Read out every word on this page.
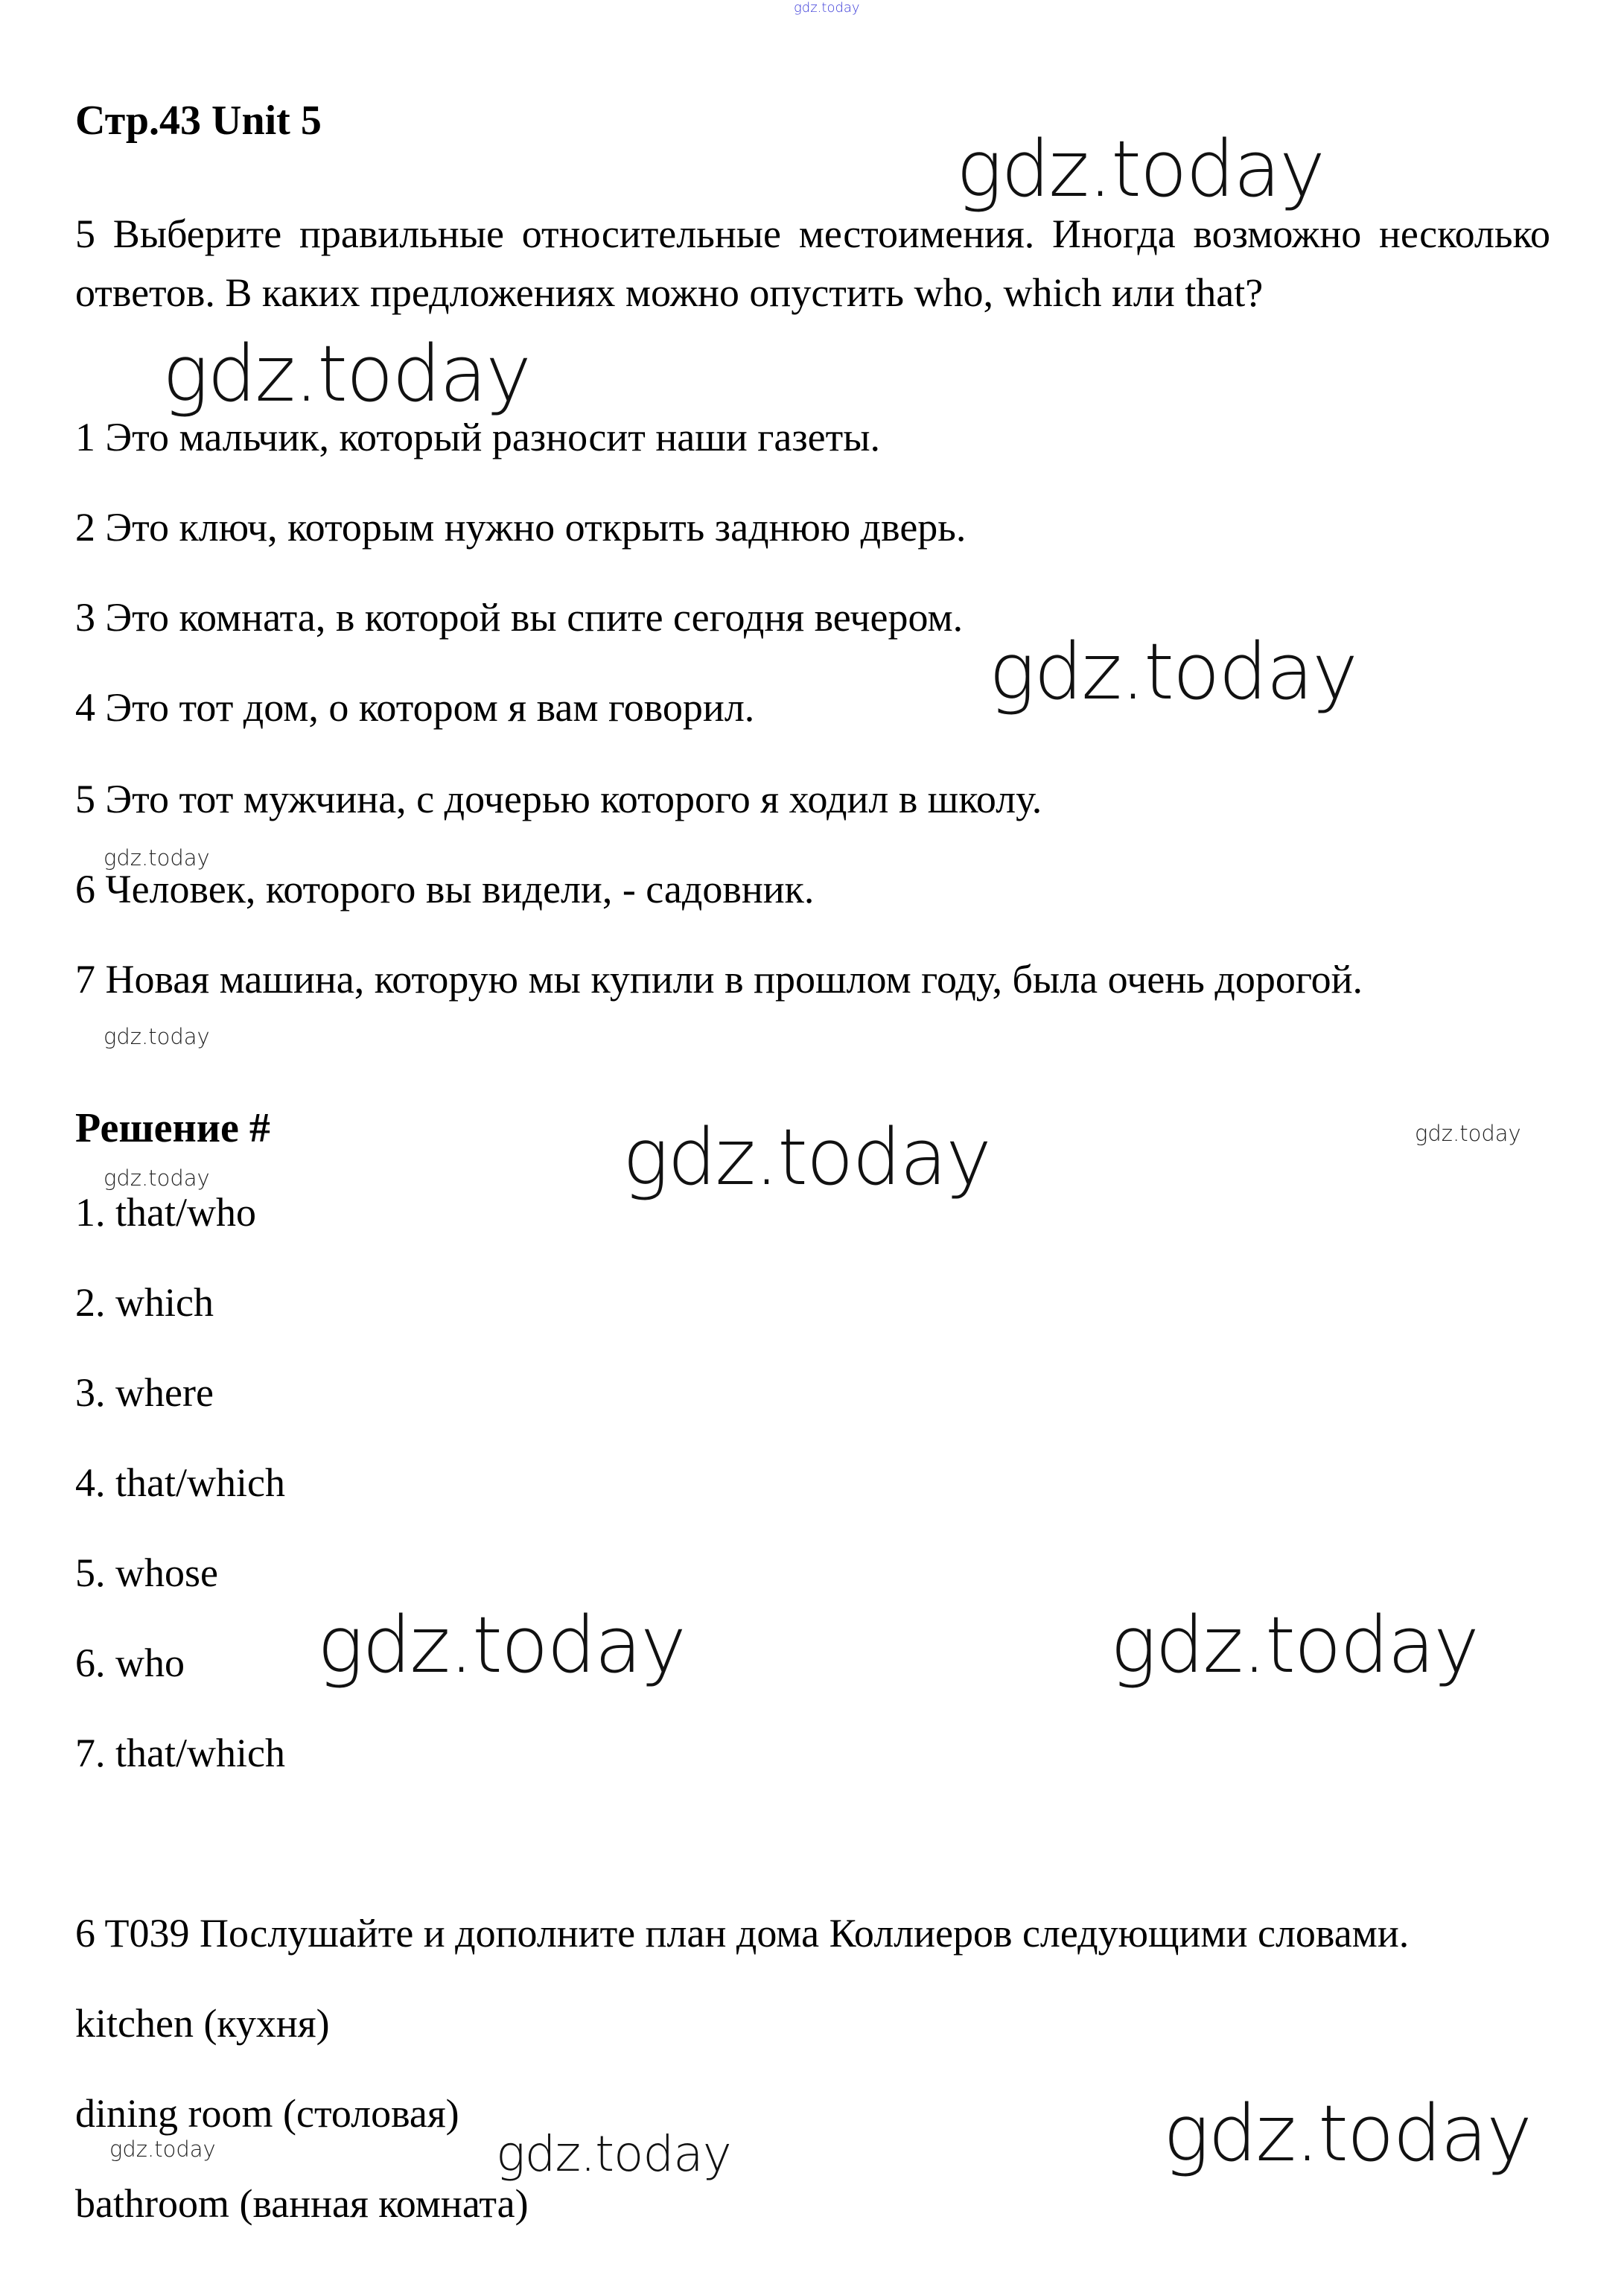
gdz.today
Стр.43 Unit 5
5 Выберите правильные относительные местоимения. Иногда возможно несколько ответов. В каких предложениях можно опустить who, which или that?
1 Это мальчик, который разносит наши газеты.
2 Это ключ, которым нужно открыть заднюю дверь.
3 Это комната, в которой вы спите сегодня вечером.
4 Это тот дом, о котором я вам говорил.
5 Это тот мужчина, с дочерью которого я ходил в школу.
6 Человек, которого вы видели, - садовник.
7 Новая машина, которую мы купили в прошлом году, была очень дорогой.
Решение #
1. that/who
2. which
3. where
4. that/which
5. whose
6. who
7. that/which
6 T039 Послушайте и дополните план дома Коллиеров следующими словами.
kitchen (кухня)
dining room (столовая)
bathroom (ванная комната)
gdz.today
gdz.today
gdz.today
gdz.today
gdz.today	gdz.today
gdz.today
gdz.today
gdz.today
gdz.today
gdz.today
gdz.today
gdz.today
